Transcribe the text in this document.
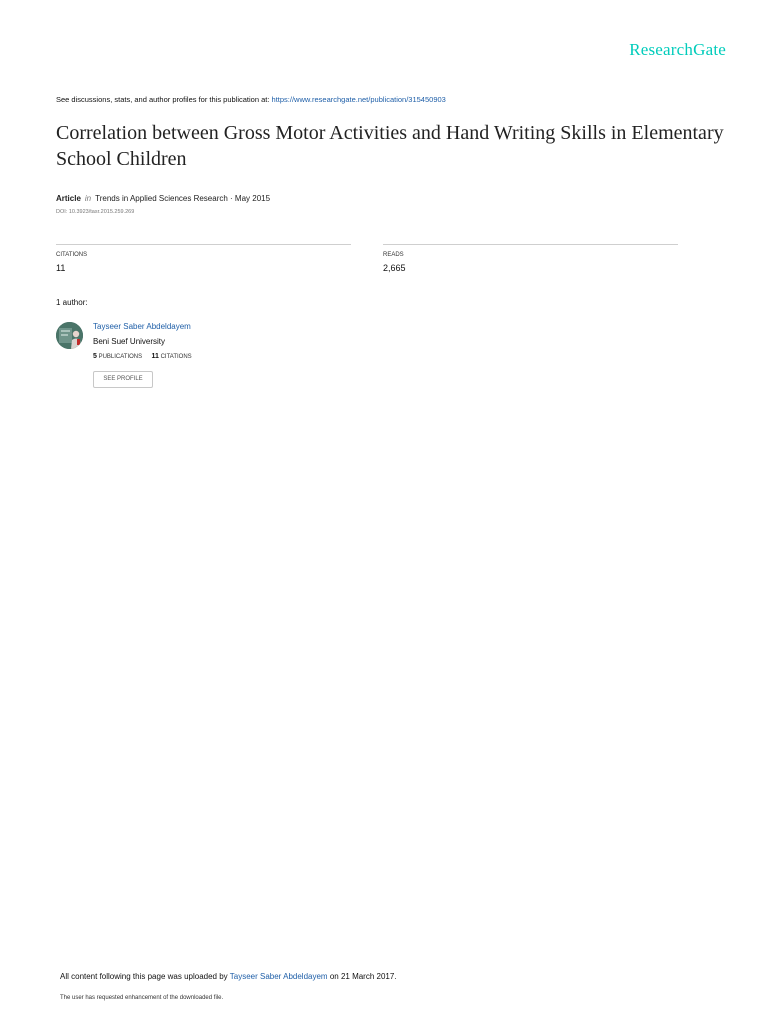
ResearchGate
See discussions, stats, and author profiles for this publication at: https://www.researchgate.net/publication/315450903
Correlation between Gross Motor Activities and Hand Writing Skills in Elementary School Children
Article in Trends in Applied Sciences Research · May 2015
DOI: 10.3923/tasr.2015.259.269
CITATIONS
11
READS
2,665
1 author:
Tayseer Saber Abdeldayem
Beni Suef University
5 PUBLICATIONS 11 CITATIONS
SEE PROFILE
All content following this page was uploaded by Tayseer Saber Abdeldayem on 21 March 2017.
The user has requested enhancement of the downloaded file.
